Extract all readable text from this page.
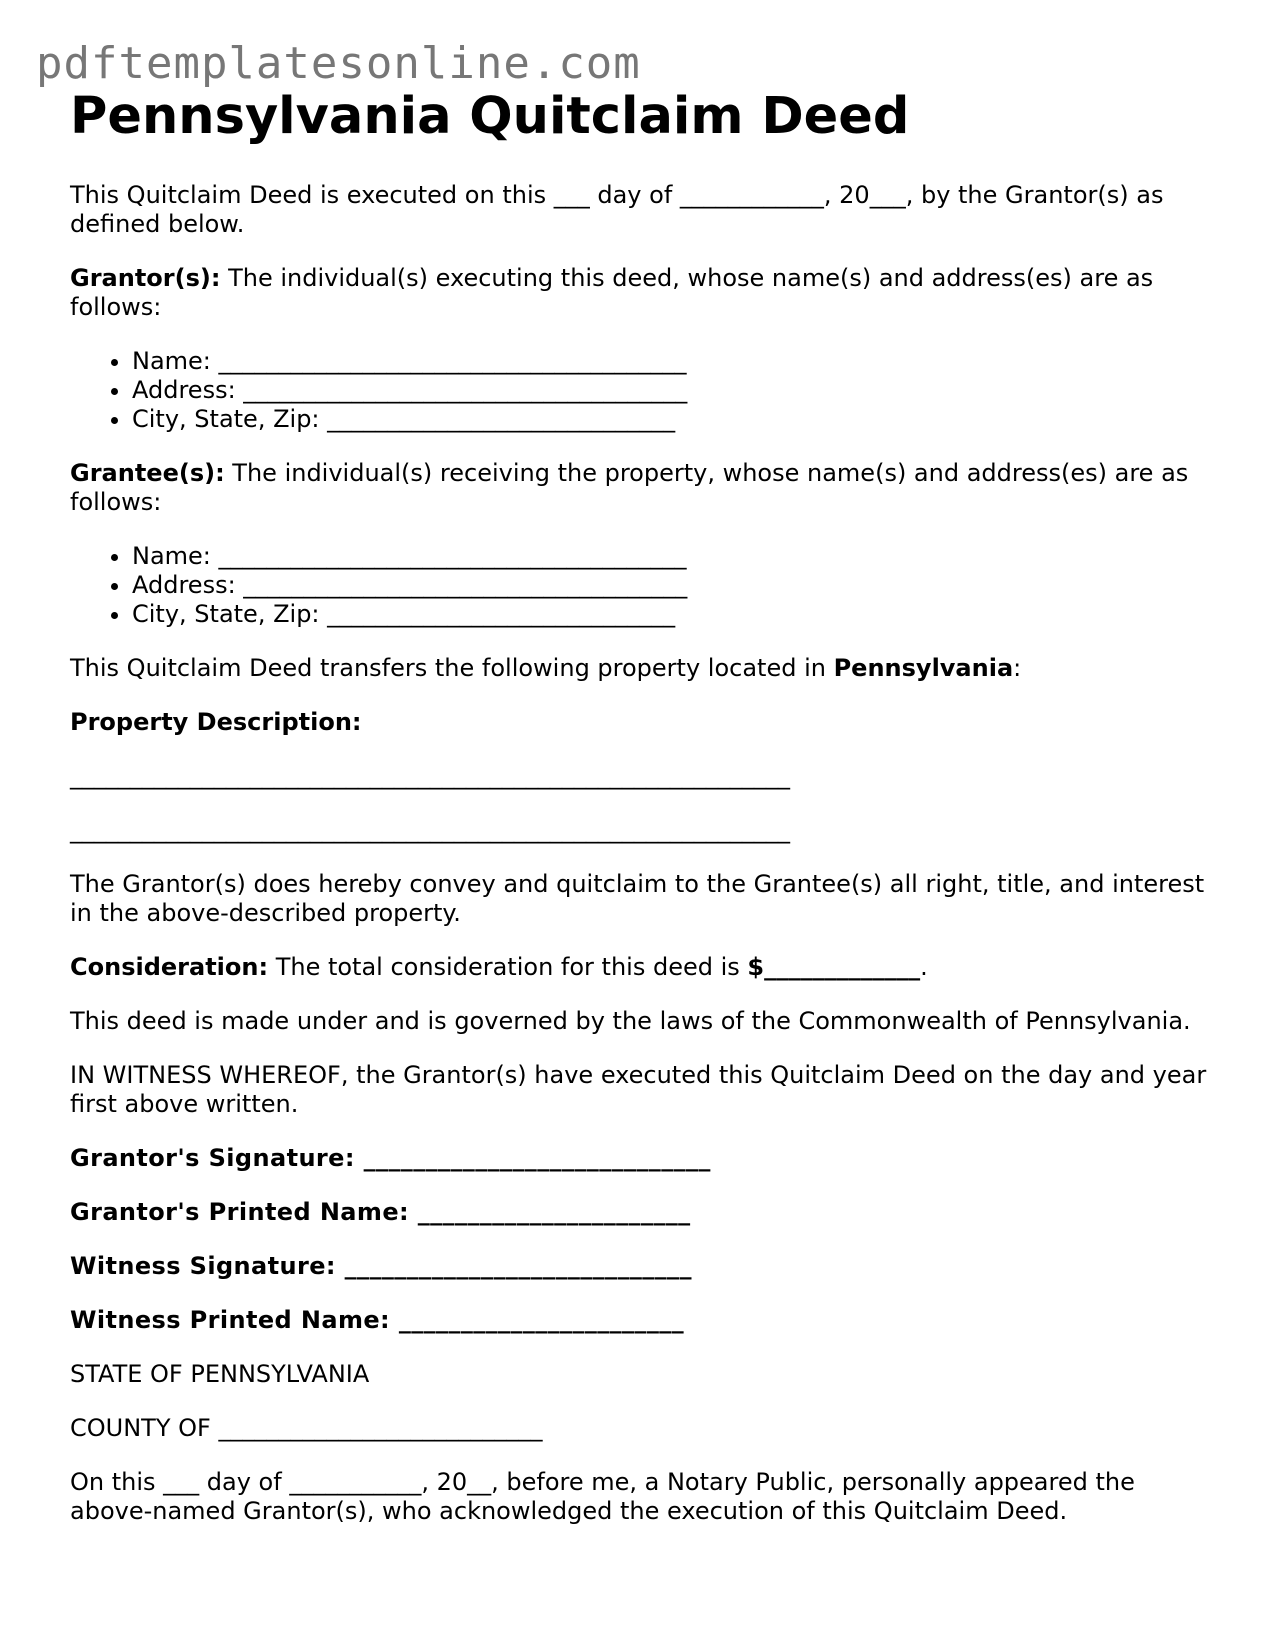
pdftemplatesonline.com
Pennsylvania Quitclaim Deed

This Quitclaim Deed is executed on this ___ day of ____________, 20___, by the Grantor(s) as defined below.

Grantor(s): The individual(s) executing this deed, whose name(s) and address(es) are as follows:

• Name: _______________________________________
• Address: _____________________________________
• City, State, Zip: _____________________________

Grantee(s): The individual(s) receiving the property, whose name(s) and address(es) are as follows:

• Name: _______________________________________
• Address: _____________________________________
• City, State, Zip: _____________________________

This Quitclaim Deed transfers the following property located in Pennsylvania:

Property Description:

____________________________________________________________
____________________________________________________________

The Grantor(s) does hereby convey and quitclaim to the Grantee(s) all right, title, and interest in the above-described property.

Consideration: The total consideration for this deed is $_____________.

This deed is made under and is governed by the laws of the Commonwealth of Pennsylvania.

IN WITNESS WHEREOF, the Grantor(s) have executed this Quitclaim Deed on the day and year first above written.

Grantor's Signature: ____________________________

Grantor's Printed Name: ______________________

Witness Signature: ____________________________

Witness Printed Name: _______________________

STATE OF PENNSYLVANIA

COUNTY OF ___________________________

On this ___ day of ___________, 20__, before me, a Notary Public, personally appeared the above-named Grantor(s), who acknowledged the execution of this Quitclaim Deed.
